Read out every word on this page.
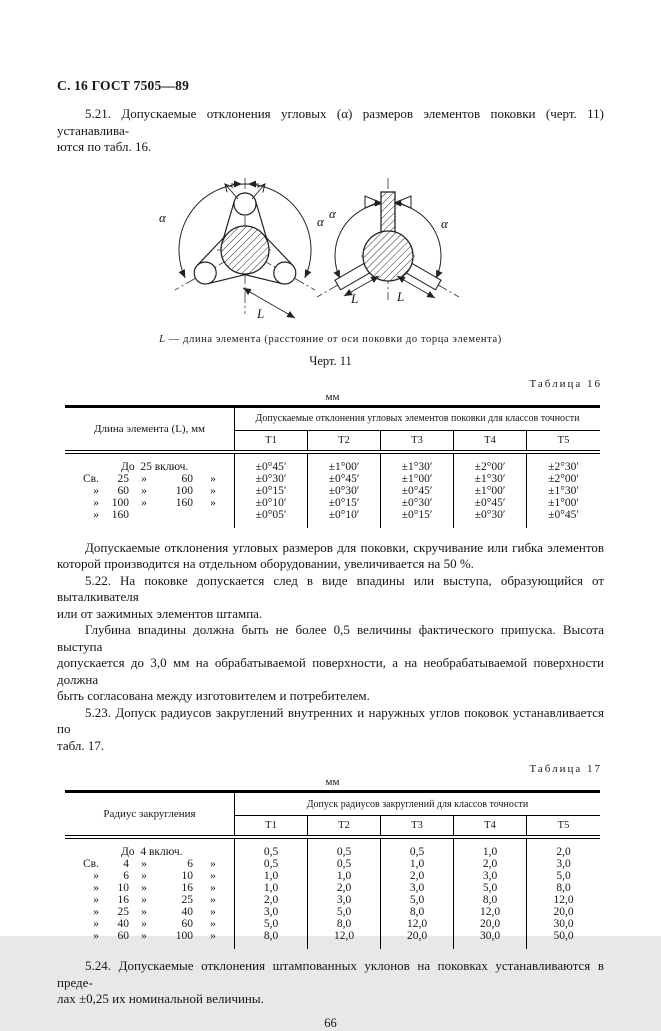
С. 16 ГОСТ 7505—89

5.21. Допускаемые отклонения угловых (α) размеров элементов поковки (черт. 11) устанавлива-

ются по табл. 16.

α	α
L
α
α
L	L
L — длина элемента (расстояние от оси поковки до торца элемента)
Черт. 11
Таблица 16
мм
Длина элемента (L), мм
Допускаемые отклонения угловых элементов поковки для классов точности
Т1	Т2	Т3	Т4	Т5
До  25 включ.	±0°45′	±1°00′	±1°30′	±2°00′	±2°30′
Св.	25	»	60	»	±0°30′	±0°45′	±1°00′	±1°30′	±2°00′
»	60	»	100	»	±0°15′	±0°30′	±0°45′	±1°00′	±1°30′
»	100	»	160	»	±0°10′	±0°15′	±0°30′	±0°45′	±1°00′
»	160	±0°05′	±0°10′	±0°15′	±0°30′	±0°45′

Допускаемые отклонения угловых размеров для поковки, скручивание или гибка элементов

которой производится на отдельном оборудовании, увеличивается на 50 %.

5.22. На поковке допускается след в виде впадины или выступа, образующийся от выталкивателя

или от зажимных элементов штампа.

Глубина впадины должна быть не более 0,5 величины фактического припуска. Высота выступа

допускается до 3,0 мм на обрабатываемой поверхности, а на необрабатываемой поверхности должна

быть согласована между изготовителем и потребителем.

5.23. Допуск радиусов закруглений внутренних и наружных углов поковок устанавливается по

табл. 17.

Таблица 17
мм
Радиус закругления
Допуск радиусов закруглений для классов точности
Т1	Т2	Т3	Т4	Т5
До  4 включ.	0,5	0,5	0,5	1,0	2,0
Св.	4	»	6	»	0,5	0,5	1,0	2,0	3,0
»	6	»	10	»	1,0	1,0	2,0	3,0	5,0
»	10	»	16	»	1,0	2,0	3,0	5,0	8,0
»	16	»	25	»	2,0	3,0	5,0	8,0	12,0
»	25	»	40	»	3,0	5,0	8,0	12,0	20,0
»	40	»	60	»	5,0	8,0	12,0	20,0	30,0
»	60	»	100	»	8,0	12,0	20,0	30,0	50,0

5.24. Допускаемые отклонения штампованных уклонов на поковках устанавливаются в преде-

лах ±0,25 их номинальной величины.

66
